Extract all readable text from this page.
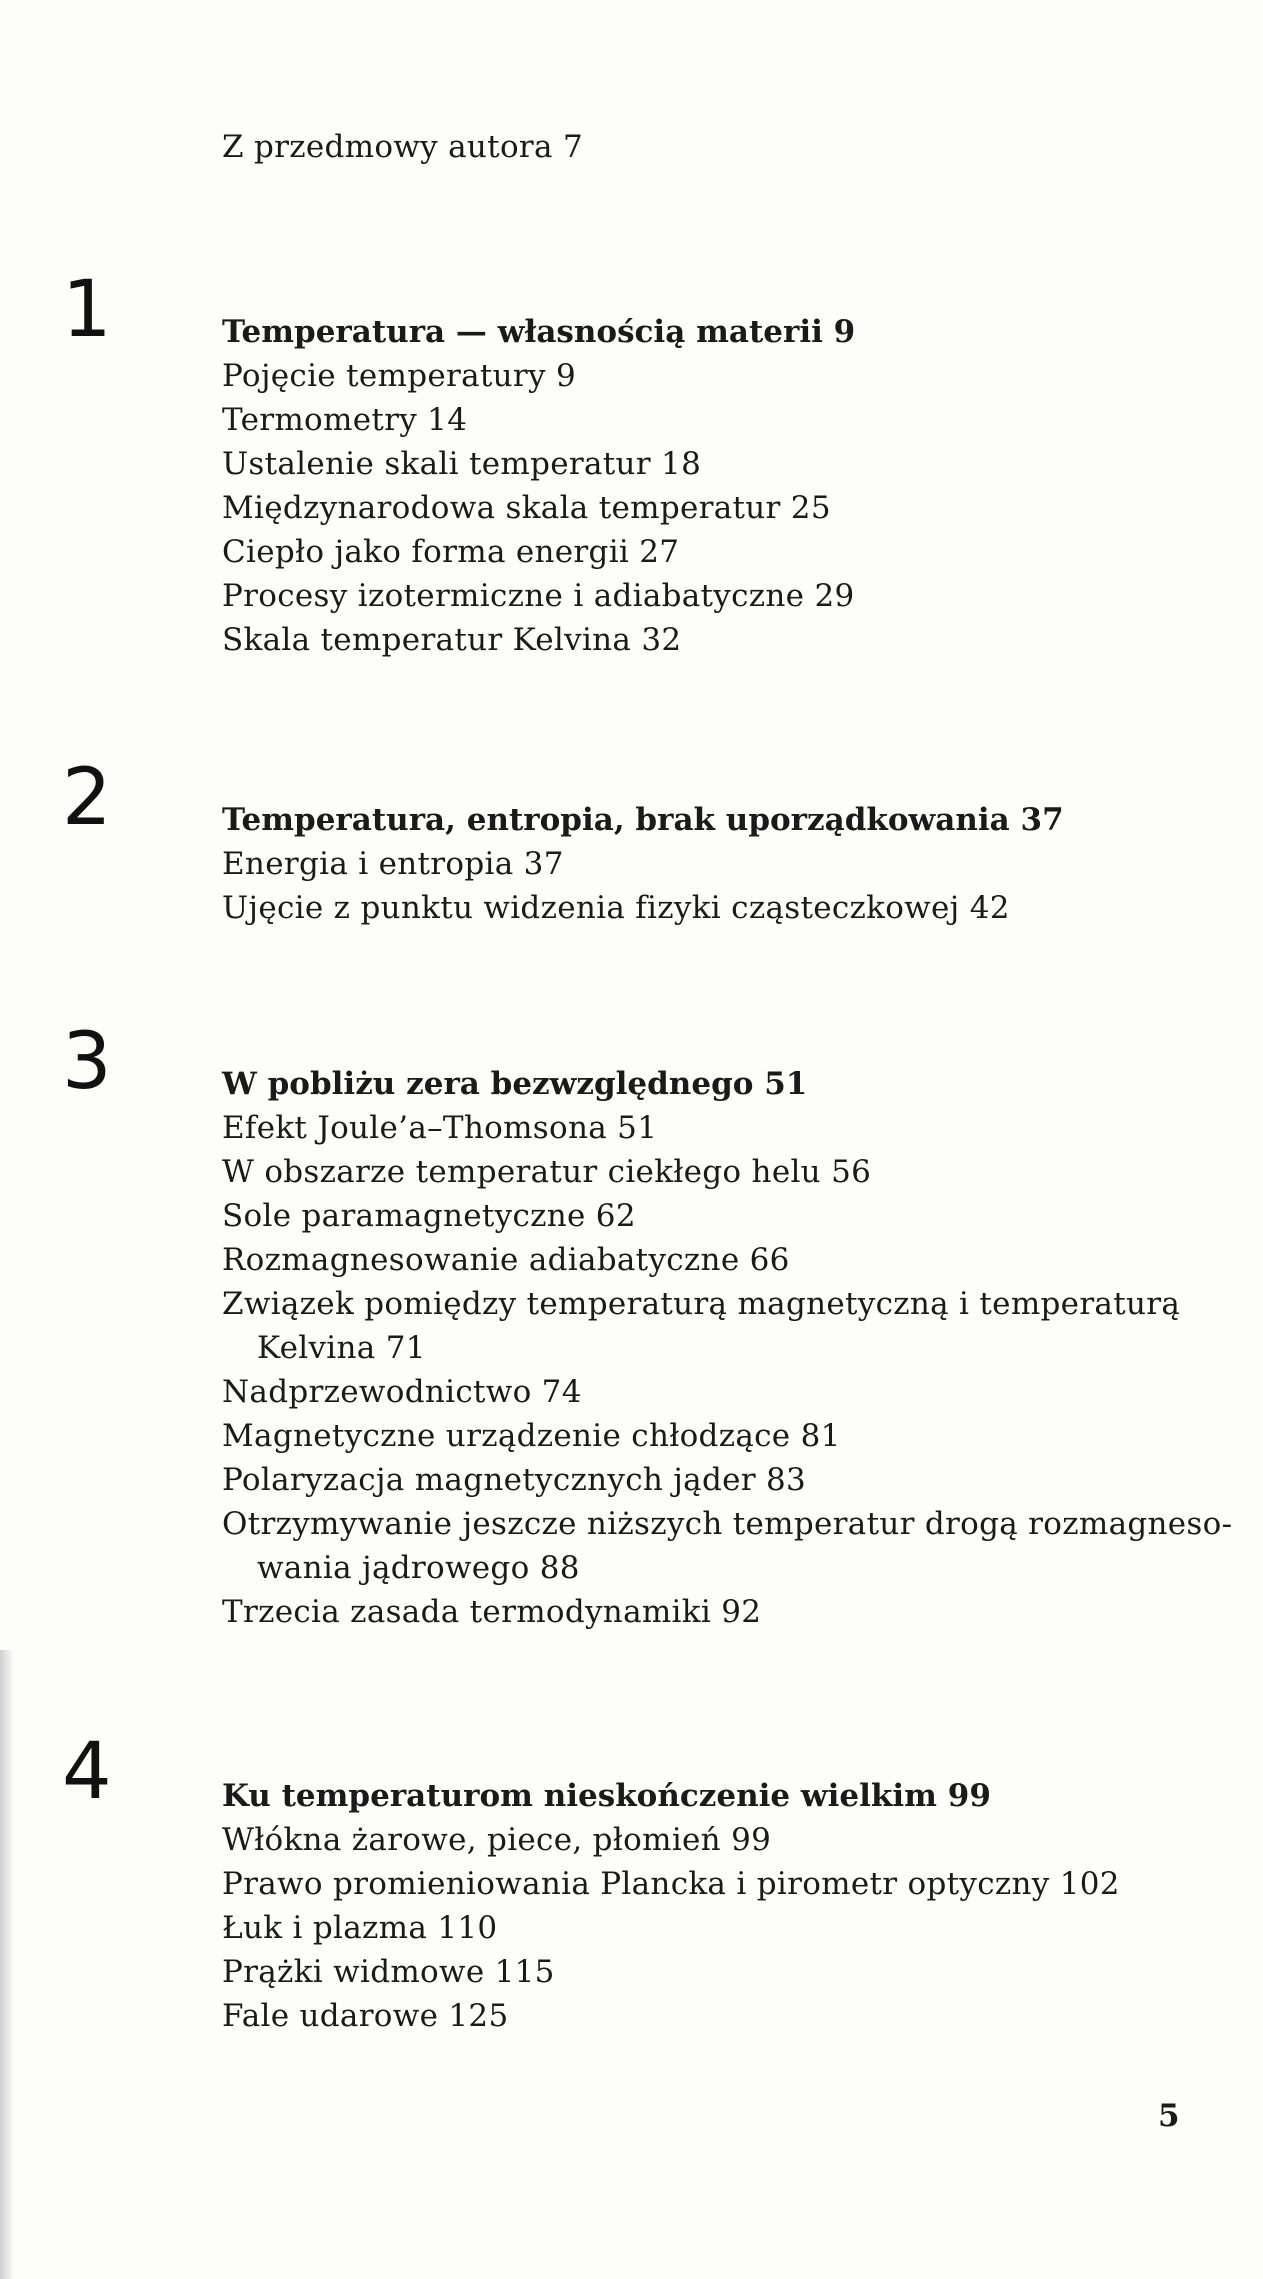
Z przedmowy autora 7
1	Temperatura — własnością materii 9
Pojęcie temperatury 9
Termometry 14
Ustalenie skali temperatur 18
Międzynarodowa skala temperatur 25
Ciepło jako forma energii 27
Procesy izotermiczne i adiabatyczne 29
Skala temperatur Kelvina 32
2	Temperatura, entropia, brak uporządkowania 37
Energia i entropia 37
Ujęcie z punktu widzenia fizyki cząsteczkowej 42
3	W pobliżu zera bezwzględnego 51
Efekt Joule’a–Thomsona 51
W obszarze temperatur ciekłego helu 56
Sole paramagnetyczne 62
Rozmagnesowanie adiabatyczne 66
Związek pomiędzy temperaturą magnetyczną i temperaturą
Kelvina 71
Nadprzewodnictwo 74
Magnetyczne urządzenie chłodzące 81
Polaryzacja magnetycznych jąder 83
Otrzymywanie jeszcze niższych temperatur drogą rozmagneso-
wania jądrowego 88
Trzecia zasada termodynamiki 92
4	Ku temperaturom nieskończenie wielkim 99
Włókna żarowe, piece, płomień 99
Prawo promieniowania Plancka i pirometr optyczny 102
Łuk i plazma 110
Prążki widmowe 115
Fale udarowe 125
5
